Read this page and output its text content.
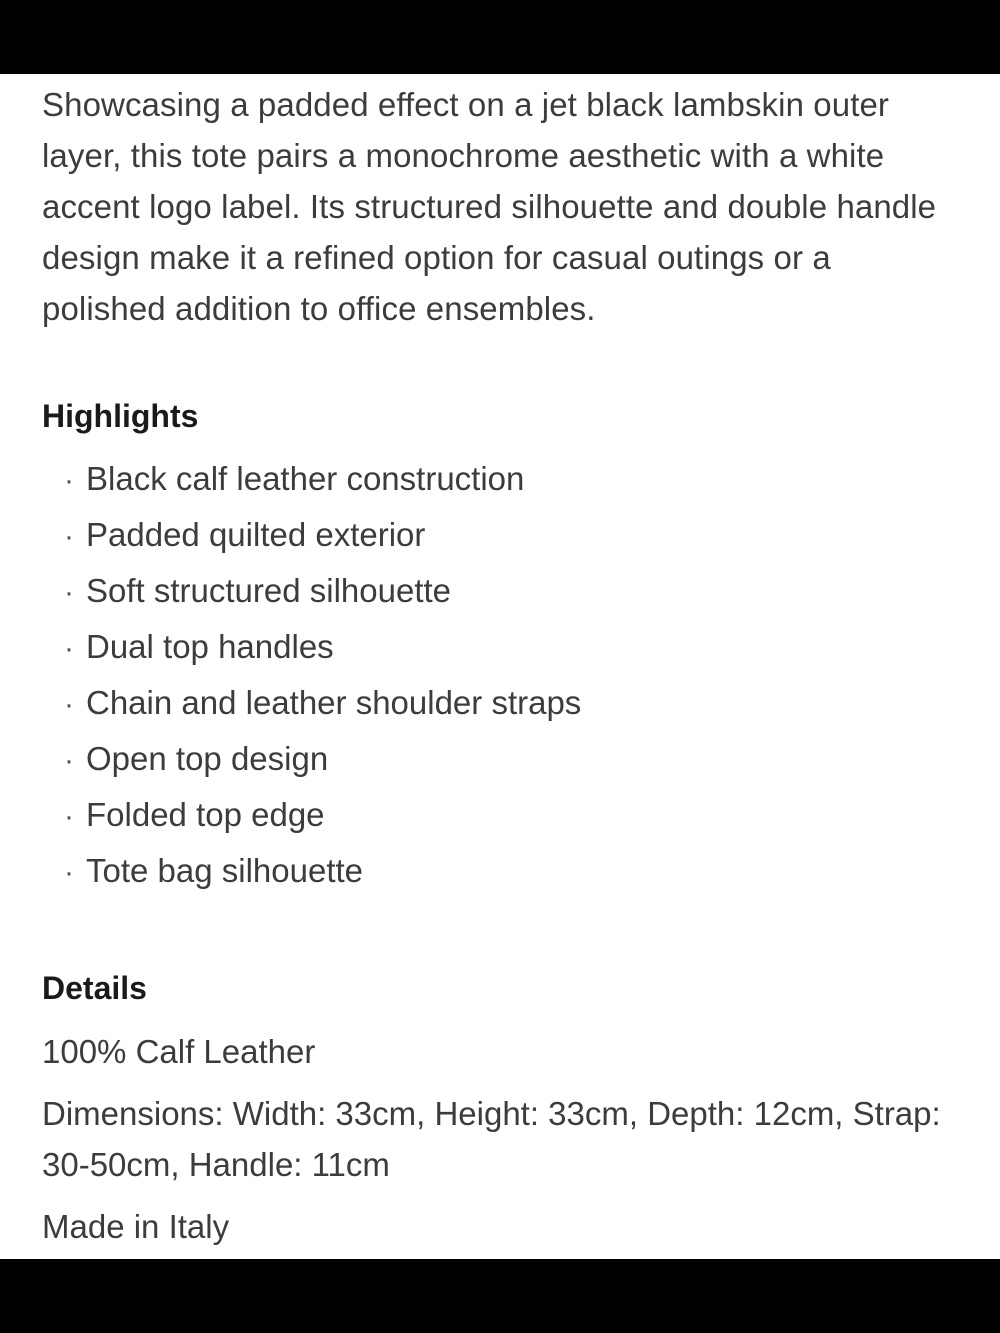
Showcasing a padded effect on a jet black lambskin outer layer, this tote pairs a monochrome aesthetic with a white accent logo label. Its structured silhouette and double handle design make it a refined option for casual outings or a polished addition to office ensembles.

Highlights
· Black calf leather construction
· Padded quilted exterior
· Soft structured silhouette
· Dual top handles
· Chain and leather shoulder straps
· Open top design
· Folded top edge
· Tote bag silhouette
Details

100% Calf Leather

Dimensions: Width: 33cm, Height: 33cm, Depth: 12cm, Strap: 30-50cm, Handle: 11cm

Made in Italy
